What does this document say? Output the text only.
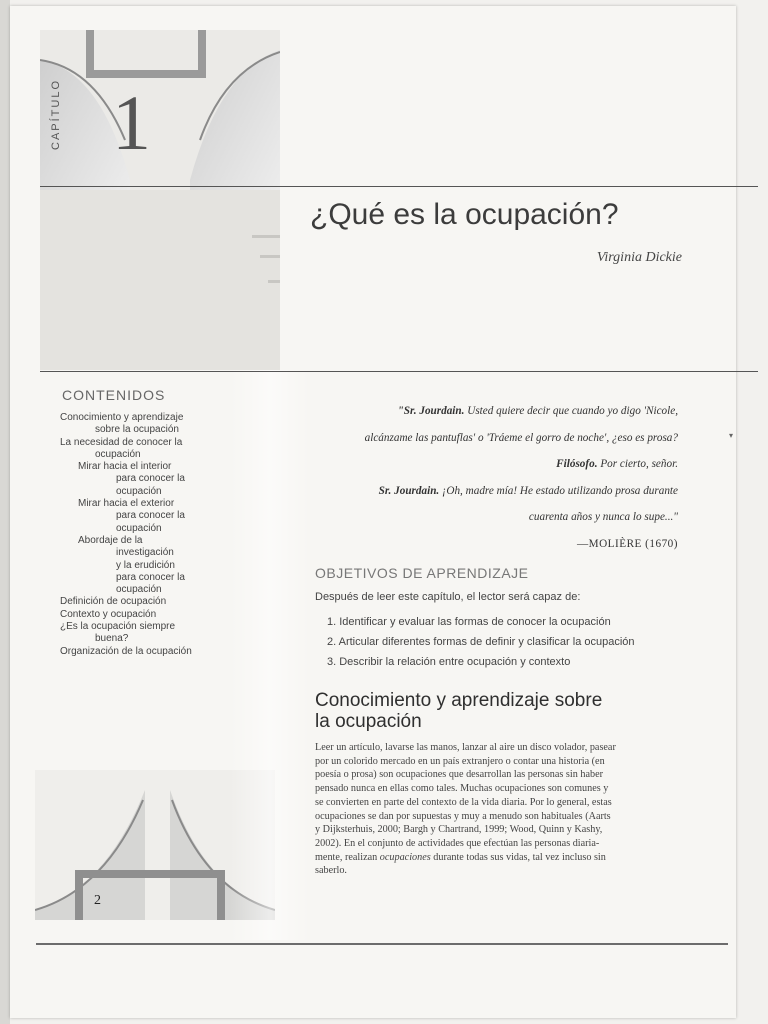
CAPÍTULO 1
¿Qué es la ocupación?
Virginia Dickie
CONTENIDOS
Conocimiento y aprendizaje
sobre la ocupación
La necesidad de conocer la
ocupación
Mirar hacia el interior
para conocer la
ocupación
Mirar hacia el exterior
para conocer la
ocupación
Abordaje de la
investigación
y la erudición
para conocer la
ocupación
Definición de ocupación
Contexto y ocupación
¿Es la ocupación siempre
buena?
Organización de la ocupación

"Sr. Jourdain. Usted quiere decir que cuando yo digo 'Nicole,

alcánzame las pantuflas' o 'Tráeme el gorro de noche', ¿eso es prosa?

Filósofo. Por cierto, señor.

Sr. Jourdain. ¡Oh, madre mía! He estado utilizando prosa durante

cuarenta años y nunca lo supe..."

—MOLIÈRE (1670)

OBJETIVOS DE APRENDIZAJE
Después de leer este capítulo, el lector será capaz de:
1. Identificar y evaluar las formas de conocer la ocupación
2. Articular diferentes formas de definir y clasificar la ocupación
3. Describir la relación entre ocupación y contexto
Conocimiento y aprendizaje sobre
la ocupación
Leer un artículo, lavarse las manos, lanzar al aire un disco volador, pasear
por un colorido mercado en un país extranjero o contar una historia (en
poesía o prosa) son ocupaciones que desarrollan las personas sin haber
pensado nunca en ellas como tales. Muchas ocupaciones son comunes y
se convierten en parte del contexto de la vida diaria. Por lo general, estas
ocupaciones se dan por supuestas y muy a menudo son habituales (Aarts
y Dijksterhuis, 2000; Bargh y Chartrand, 1999; Wood, Quinn y Kashy,
2002). En el conjunto de actividades que efectúan las personas diaria-
mente, realizan ocupaciones durante todas sus vidas, tal vez incluso sin
saberlo.
2
▾
